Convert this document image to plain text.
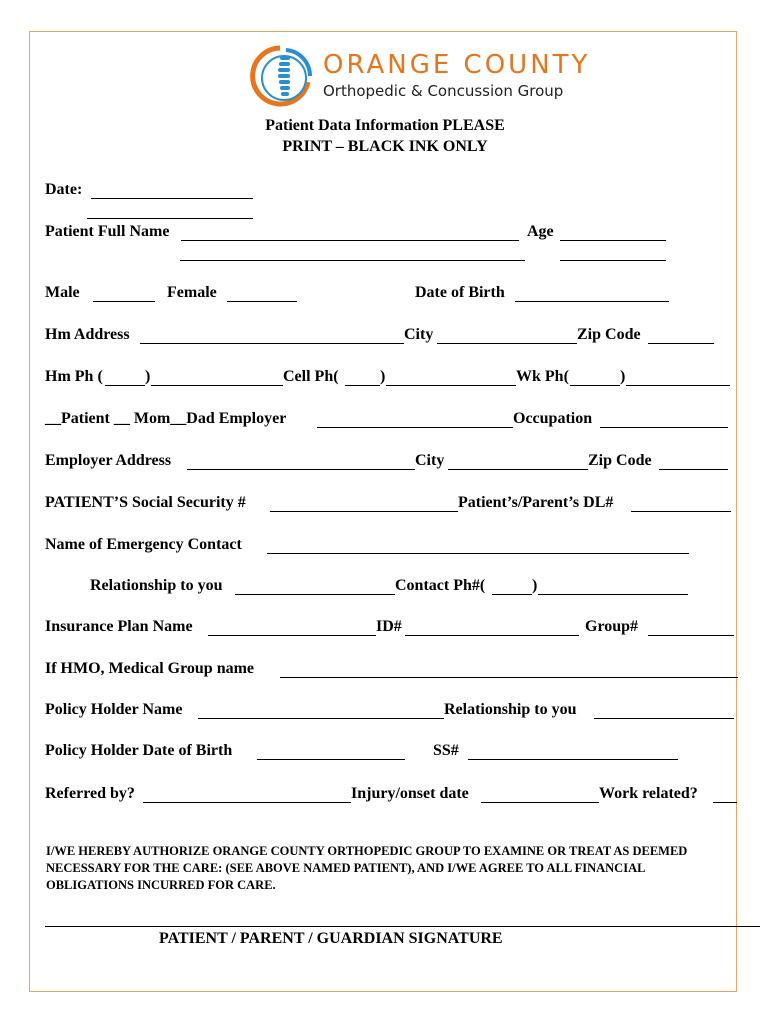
ORANGE COUNTY
Orthopedic & Concussion Group
Patient Data Information PLEASE
PRINT – BLACK INK ONLY
Date:
Patient Full Name	Age
Male	Female	Date of Birth
Hm Address	City	Zip Code
Hm Ph (	)	Cell Ph(	)	Wk Ph(	)
__Patient __ Mom__Dad Employer	Occupation
Employer Address	City	Zip Code
PATIENT’S Social Security #	Patient’s/Parent’s DL#
Name of Emergency Contact
Relationship to you	Contact Ph#(	)
Insurance Plan Name	ID#	Group#
If HMO, Medical Group name
Policy Holder Name	Relationship to you
Policy Holder Date of Birth	SS#
Referred by?	Injury/onset date	Work related?
I/WE HEREBY AUTHORIZE ORANGE COUNTY ORTHOPEDIC GROUP TO EXAMINE OR TREAT AS DEEMED NECESSARY FOR THE CARE: (SEE ABOVE NAMED PATIENT), AND I/WE AGREE TO ALL FINANCIAL OBLIGATIONS INCURRED FOR CARE.
PATIENT / PARENT / GUARDIAN SIGNATURE
